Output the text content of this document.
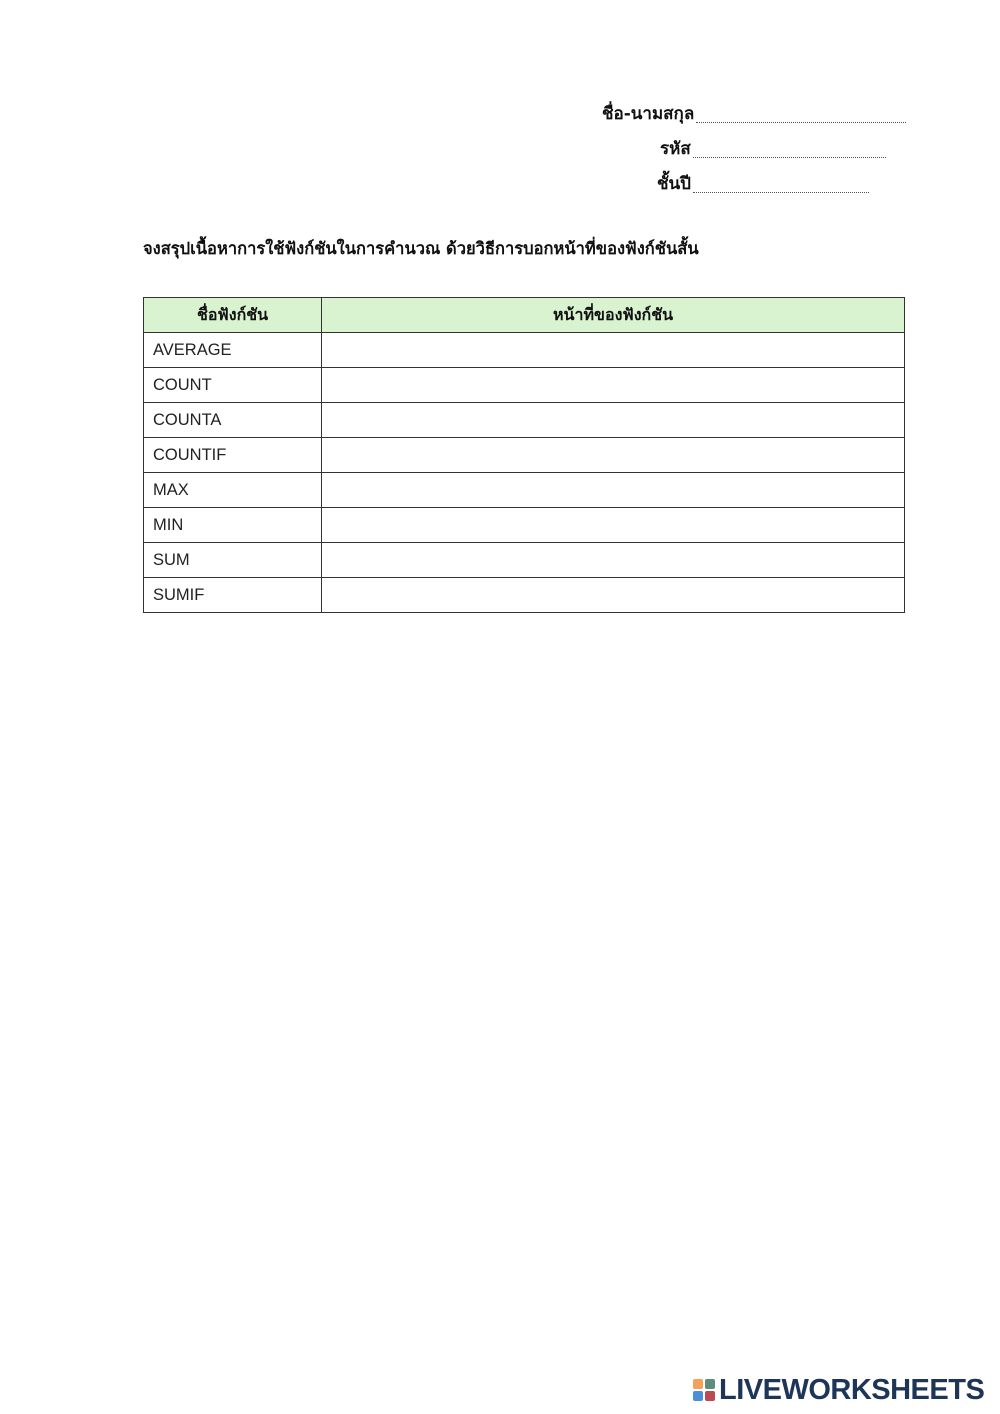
ชื่อ-นามสกุล
รหัส
ชั้นปี
จงสรุปเนื้อหาการใช้ฟังก์ชันในการคำนวณ ด้วยวิธีการบอกหน้าที่ของฟังก์ชันสั้น
ชื่อฟังก์ชัน	หน้าที่ของฟังก์ชัน
AVERAGE	
COUNT	
COUNTA	
COUNTIF	
MAX	
MIN	
SUM	
SUMIF	
LIVEWORKSHEETS
